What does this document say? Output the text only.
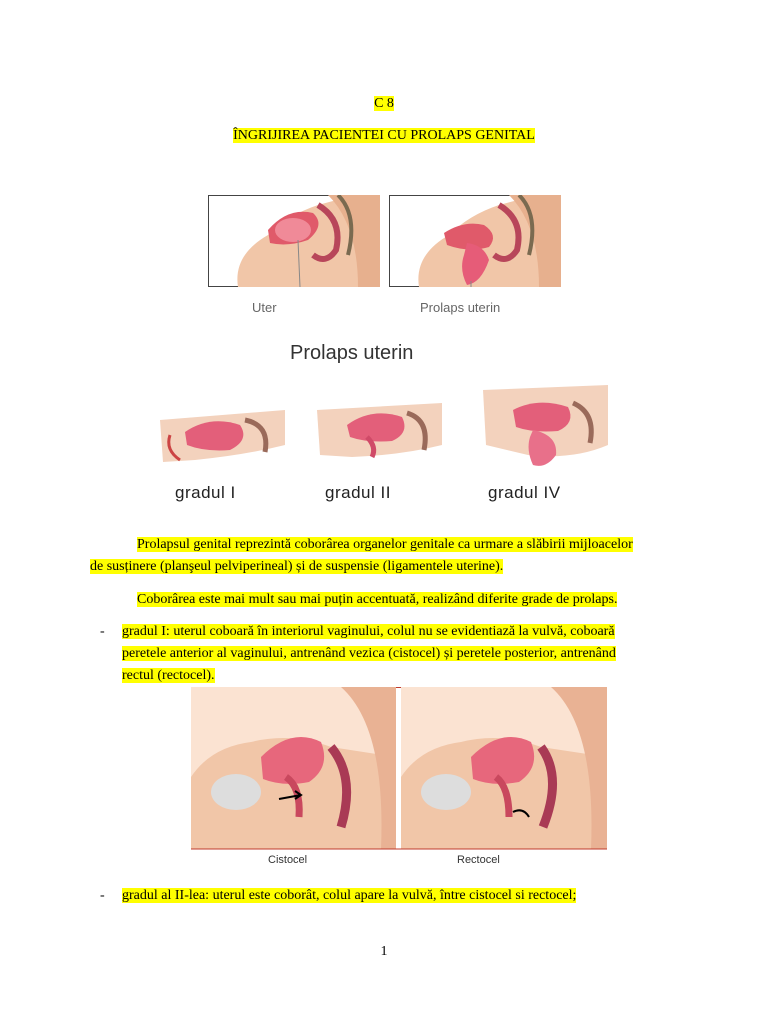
C 8
ÎNGRIJIREA PACIENTEI CU PROLAPS GENITAL
Uter	Prolaps uterin
Prolaps uterin
gradul I	gradul II	gradul IV
Prolapsul genital reprezintă coborârea organelor genitale ca urmare a slăbirii mijloacelor
de susținere (planşeul pelviperineal) și de suspensie (ligamentele uterine).
Coborârea este mai mult sau mai puțin accentuată, realizând diferite grade de prolaps.
- gradul I: uterul coboară în interiorul vaginului, colul nu se evidentiază la vulvă, coboară
peretele anterior al vaginului, antrenând vezica (cistocel) și peretele posterior, antrenând
rectul (rectocel).
Cistocel	Rectocel
- gradul al II-lea: uterul este coborât, colul apare la vulvă, între cistocel si rectocel;
1
